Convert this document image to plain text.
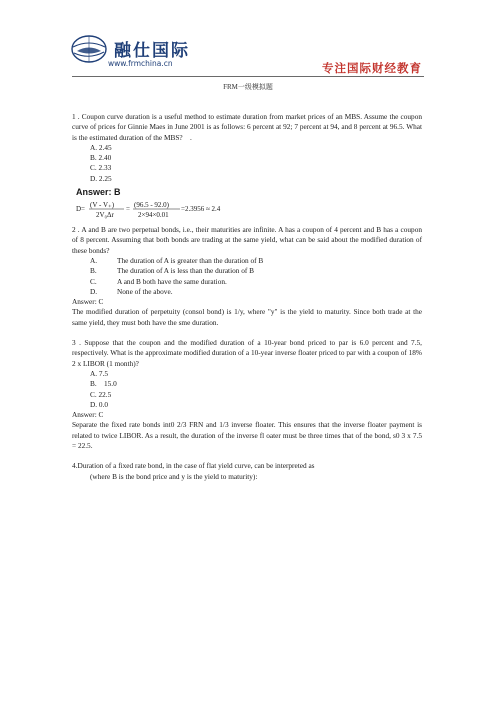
融仕国际
www.frmchina.cn	专注国际财经教育
FRM一级模拟题

1 . Coupon curve duration is a useful method to estimate duration from market prices of an MBS. Assume the coupon curve of prices for Ginnie Maes in June 2001 is as follows: 6 percent at 92; 7 percent at 94, and 8 percent at 96.5. What is the estimated duration of the MBS?　.

A. 2.45
B. 2.40
C. 2.33
D. 2.25
Answer: B
D= (V - V₊)
2V₀Δr
= (96.5 - 92.0)
2×94×0.01
=2.3956 ≈ 2.4

2 . A and B are two perpetual bonds, i.e., their maturities are infinite. A has a coupon of 4 percent and B has a coupon of 8 percent. Assuming that both bonds are trading at the same yield, what can be said about the modified duration of these bonds?

A.	The duration of A is greater than the duration of B
B.	The duration of A is less than the duration of B
C.	A and B both have the same duration.
D.	None of the above.
Answer: C

The modified duration of perpetuity (consol bond) is 1/y, where "y" is the yield to maturity. Since both trade at the same yield, they must both have the sme duration.

3 . Suppose that the coupon and the modified duration of a 10-year bond priced to par is 6.0 percent and 7.5, respectively. What is the approximate modified duration of a 10-year inverse floater priced to par with a coupon of 18% 2 x LIBOR (1 month)?

A. 7.5
B.　15.0
C. 22.5
D. 0.0
Answer: C

Separate the fixed rate bonds int0 2/3 FRN and 1/3 inverse floater. This ensures that the inverse floater payment is related to twice LIBOR. As a result, the duration of the inverse fl oater must be three times that of the bond, s0 3 x 7.5 = 22.5.

4.Duration of a fixed rate bond, in the case of flat yield curve, can be interpreted as

(where B is the bond price and y is the yield to maturity):
